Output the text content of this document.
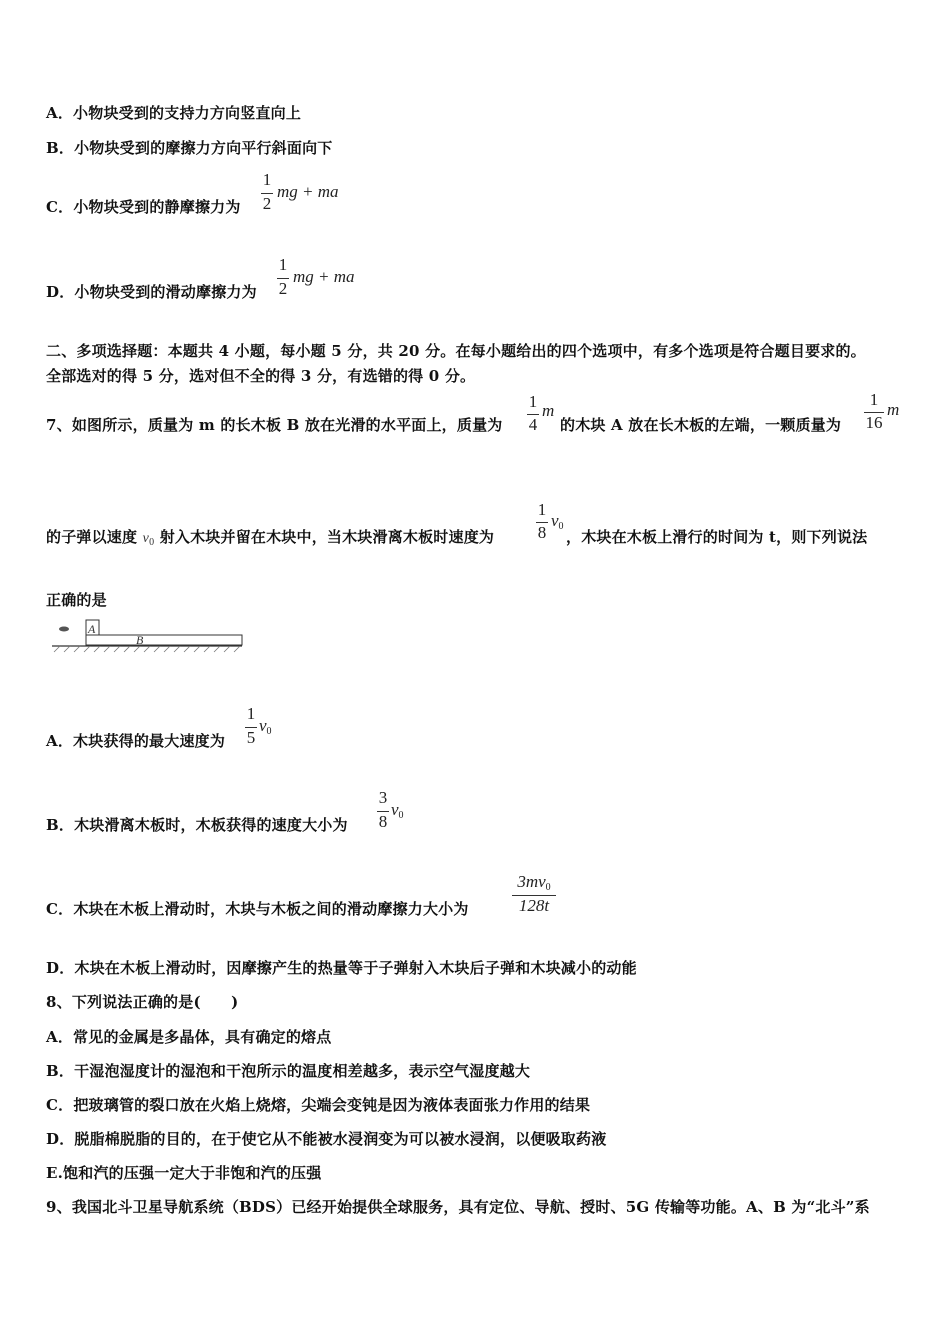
A．小物块受到的支持力方向竖直向上
B．小物块受到的摩擦力方向平行斜面向下
C．小物块受到的静摩擦力为
1
2
mg + ma
D．小物块受到的滑动摩擦力为
1
2
mg + ma
二、多项选择题：本题共 4 小题，每小题 5 分，共 20 分。在每小题给出的四个选项中，有多个选项是符合题目要求的。
全部选对的得 5 分，选对但不全的得 3 分，有选错的得 0 分。
7、如图所示，质量为 m 的长木板 B 放在光滑的水平面上，质量为
1
4
m
的木块 A 放在长木板的左端，一颗质量为
1
16
m
的子弹以速度 $v_0$ 射入木块并留在木块中，当木块滑离木板时速度为
1
8
$v_0$
，木块在木板上滑行的时间为 t，则下列说法
正确的是
A
B
A．木块获得的最大速度为
1
5
$v_0$
B．木块滑离木板时，木板获得的速度大小为
3
8
$v_0$
C．木块在木板上滑动时，木块与木板之间的滑动摩擦力大小为
$3mv_0$
128t
D．木块在木板上滑动时，因摩擦产生的热量等于子弹射入木块后子弹和木块减小的动能
8、下列说法正确的是(　　)
A．常见的金属是多晶体，具有确定的熔点
B．干湿泡湿度计的湿泡和干泡所示的温度相差越多，表示空气湿度越大
C．把玻璃管的裂口放在火焰上烧熔，尖端会变钝是因为液体表面张力作用的结果
D．脱脂棉脱脂的目的，在于使它从不能被水浸润变为可以被水浸润，以便吸取药液
E.饱和汽的压强一定大于非饱和汽的压强
9、我国北斗卫星导航系统（BDS）已经开始提供全球服务，具有定位、导航、授时、5G 传输等功能。A、B 为“北斗”系
